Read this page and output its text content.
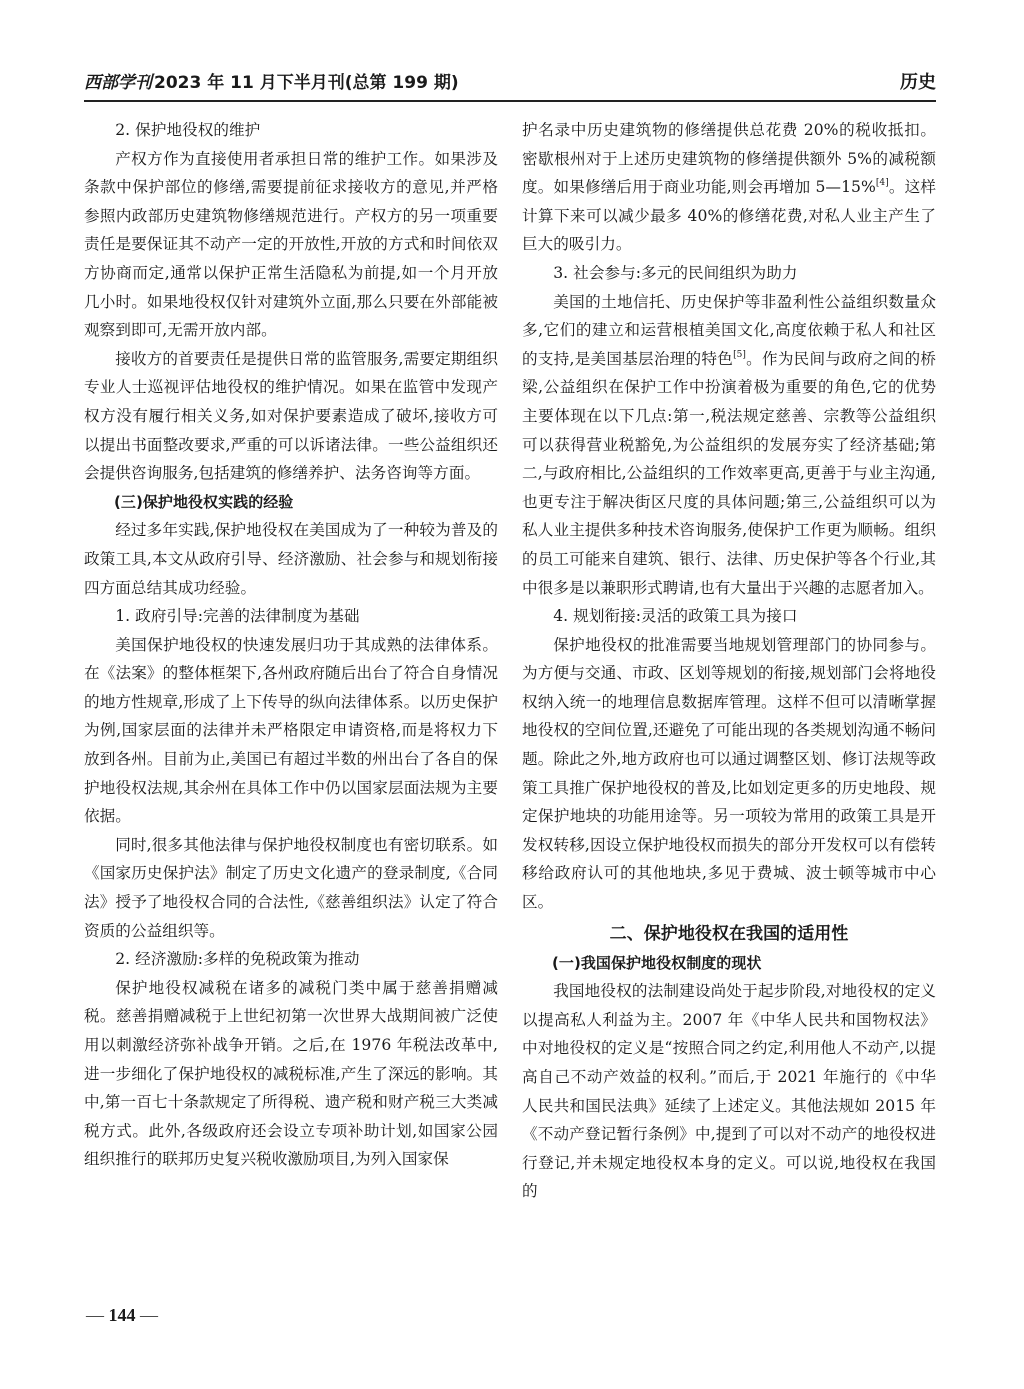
西部学刊 2023 年 11 月下半月刊(总第 199 期)	历史

2. 保护地役权的维护

产权方作为直接使用者承担日常的维护工作。如果涉及条款中保护部位的修缮,需要提前征求接收方的意见,并严格参照内政部历史建筑物修缮规范进行。产权方的另一项重要责任是要保证其不动产一定的开放性,开放的方式和时间依双方协商而定,通常以保护正常生活隐私为前提,如一个月开放几小时。如果地役权仅针对建筑外立面,那么只要在外部能被观察到即可,无需开放内部。

接收方的首要责任是提供日常的监管服务,需要定期组织专业人士巡视评估地役权的维护情况。如果在监管中发现产权方没有履行相关义务,如对保护要素造成了破坏,接收方可以提出书面整改要求,严重的可以诉诸法律。一些公益组织还会提供咨询服务,包括建筑的修缮养护、法务咨询等方面。

(三)保护地役权实践的经验

经过多年实践,保护地役权在美国成为了一种较为普及的政策工具,本文从政府引导、经济激励、社会参与和规划衔接四方面总结其成功经验。

1. 政府引导:完善的法律制度为基础

美国保护地役权的快速发展归功于其成熟的法律体系。在《法案》的整体框架下,各州政府随后出台了符合自身情况的地方性规章,形成了上下传导的纵向法律体系。以历史保护为例,国家层面的法律并未严格限定申请资格,而是将权力下放到各州。目前为止,美国已有超过半数的州出台了各自的保护地役权法规,其余州在具体工作中仍以国家层面法规为主要依据。

同时,很多其他法律与保护地役权制度也有密切联系。如《国家历史保护法》制定了历史文化遗产的登录制度,《合同法》授予了地役权合同的合法性,《慈善组织法》认定了符合资质的公益组织等。

2. 经济激励:多样的免税政策为推动

保护地役权减税在诸多的减税门类中属于慈善捐赠减税。慈善捐赠减税于上世纪初第一次世界大战期间被广泛使用以刺激经济弥补战争开销。之后,在 1976 年税法改革中,进一步细化了保护地役权的减税标准,产生了深远的影响。其中,第一百七十条款规定了所得税、遗产税和财产税三大类减税方式。此外,各级政府还会设立专项补助计划,如国家公园组织推行的联邦历史复兴税收激励项目,为列入国家保

护名录中历史建筑物的修缮提供总花费 20%的税收抵扣。密歇根州对于上述历史建筑物的修缮提供额外 5%的减税额度。如果修缮后用于商业功能,则会再增加 5—15%[4]。这样计算下来可以减少最多 40%的修缮花费,对私人业主产生了巨大的吸引力。

3. 社会参与:多元的民间组织为助力

美国的土地信托、历史保护等非盈利性公益组织数量众多,它们的建立和运营根植美国文化,高度依赖于私人和社区的支持,是美国基层治理的特色[5]。作为民间与政府之间的桥梁,公益组织在保护工作中扮演着极为重要的角色,它的优势主要体现在以下几点:第一,税法规定慈善、宗教等公益组织可以获得营业税豁免,为公益组织的发展夯实了经济基础;第二,与政府相比,公益组织的工作效率更高,更善于与业主沟通,也更专注于解决街区尺度的具体问题;第三,公益组织可以为私人业主提供多种技术咨询服务,使保护工作更为顺畅。组织的员工可能来自建筑、银行、法律、历史保护等各个行业,其中很多是以兼职形式聘请,也有大量出于兴趣的志愿者加入。

4. 规划衔接:灵活的政策工具为接口

保护地役权的批准需要当地规划管理部门的协同参与。为方便与交通、市政、区划等规划的衔接,规划部门会将地役权纳入统一的地理信息数据库管理。这样不但可以清晰掌握地役权的空间位置,还避免了可能出现的各类规划沟通不畅问题。除此之外,地方政府也可以通过调整区划、修订法规等政策工具推广保护地役权的普及,比如划定更多的历史地段、规定保护地块的功能用途等。另一项较为常用的政策工具是开发权转移,因设立保护地役权而损失的部分开发权可以有偿转移给政府认可的其他地块,多见于费城、波士顿等城市中心区。

二、保护地役权在我国的适用性

(一)我国保护地役权制度的现状

我国地役权的法制建设尚处于起步阶段,对地役权的定义以提高私人利益为主。2007 年《中华人民共和国物权法》中对地役权的定义是“按照合同之约定,利用他人不动产,以提高自己不动产效益的权利。”而后,于 2021 年施行的《中华人民共和国民法典》延续了上述定义。其他法规如 2015 年《不动产登记暂行条例》中,提到了可以对不动产的地役权进行登记,并未规定地役权本身的定义。可以说,地役权在我国的

— 144 —
